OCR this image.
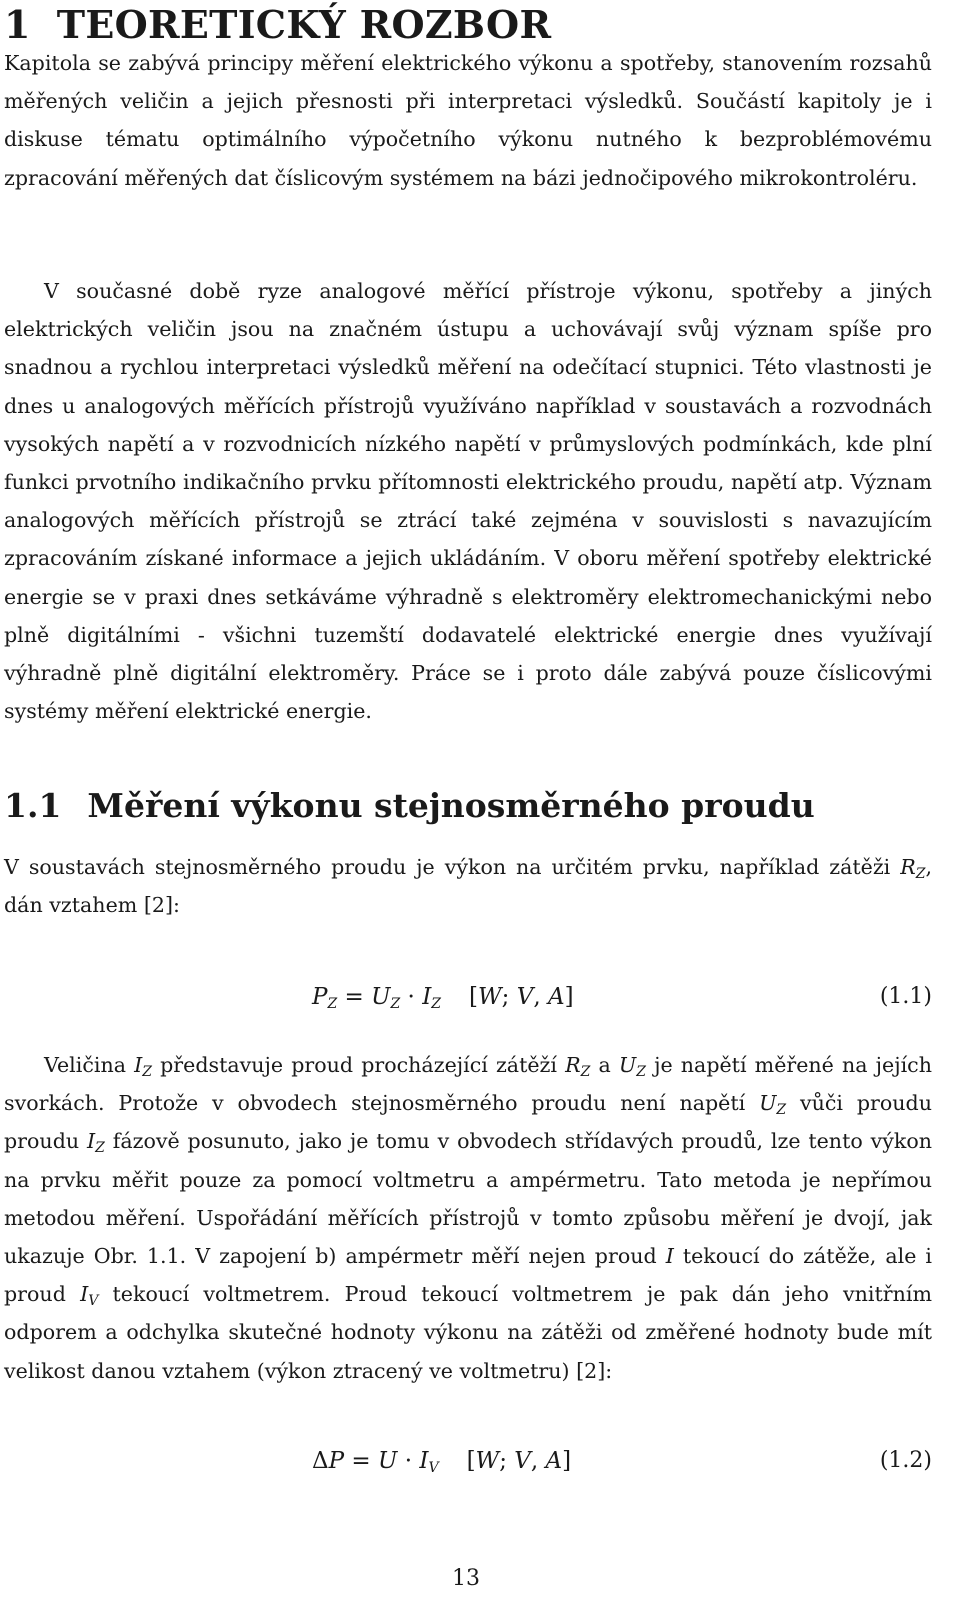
1 TEORETICKÝ ROZBOR

Kapitola se zabývá principy měření elektrického výkonu a spotřeby, stanovením rozsahů měřených veličin a jejich přesnosti při interpretaci výsledků. Součástí kapitoly je i diskuse tématu optimálního výpočetního výkonu nutného k bezproblémovému zpracování měřených dat číslicovým systémem na bázi jednočipového mikrokontroléru.

V současné době ryze analogové měřící přístroje výkonu, spotřeby a jiných elektrických veličin jsou na značném ústupu a uchovávají svůj význam spíše pro snadnou a rychlou interpretaci výsledků měření na odečítací stupnici. Této vlastnosti je dnes u analogových měřících přístrojů využíváno například v soustavách a rozvodnách vysokých napětí a v rozvodnicích nízkého napětí v průmyslových podmínkách, kde plní funkci prvotního indikačního prvku přítomnosti elektrického proudu, napětí atp. Význam analogových měřících přístrojů se ztrácí také zejména v souvislosti s navazujícím zpracováním získané informace a jejich ukládáním. V oboru měření spotřeby elektrické energie se v praxi dnes setkáváme výhradně s elektroměry elektromechanickými nebo plně digitálními - všichni tuzemští dodavatelé elektrické energie dnes využívají výhradně plně digitální elektroměry. Práce se i proto dále zabývá pouze číslicovými systémy měření elektrické energie.

1.1 Měření výkonu stejnosměrného proudu

V soustavách stejnosměrného proudu je výkon na určitém prvku, například zátěži $R_Z$, dán vztahem [2]:

$P_Z = U_Z \cdot I_Z$ [W; V, A]	(1.1)

Veličina $I_Z$ představuje proud procházející zátěží $R_Z$ a $U_Z$ je napětí měřené na jejích svorkách. Protože v obvodech stejnosměrného proudu není napětí $U_Z$ vůči proudu proudu $I_Z$ fázově posunuto, jako je tomu v obvodech střídavých proudů, lze tento výkon na prvku měřit pouze za pomocí voltmetru a ampérmetru. Tato metoda je nepřímou metodou měření. Uspořádání měřících přístrojů v tomto způsobu měření je dvojí, jak ukazuje Obr. 1.1. V zapojení b) ampérmetr měří nejen proud I tekoucí do zátěže, ale i proud $I_V$ tekoucí voltmetrem. Proud tekoucí voltmetrem je pak dán jeho vnitřním odporem a odchylka skutečné hodnoty výkonu na zátěži od změřené hodnoty bude mít velikost danou vztahem (výkon ztracený ve voltmetru) [2]:

$\Delta P = U \cdot I_V$ [W; V, A]	(1.2)
13
